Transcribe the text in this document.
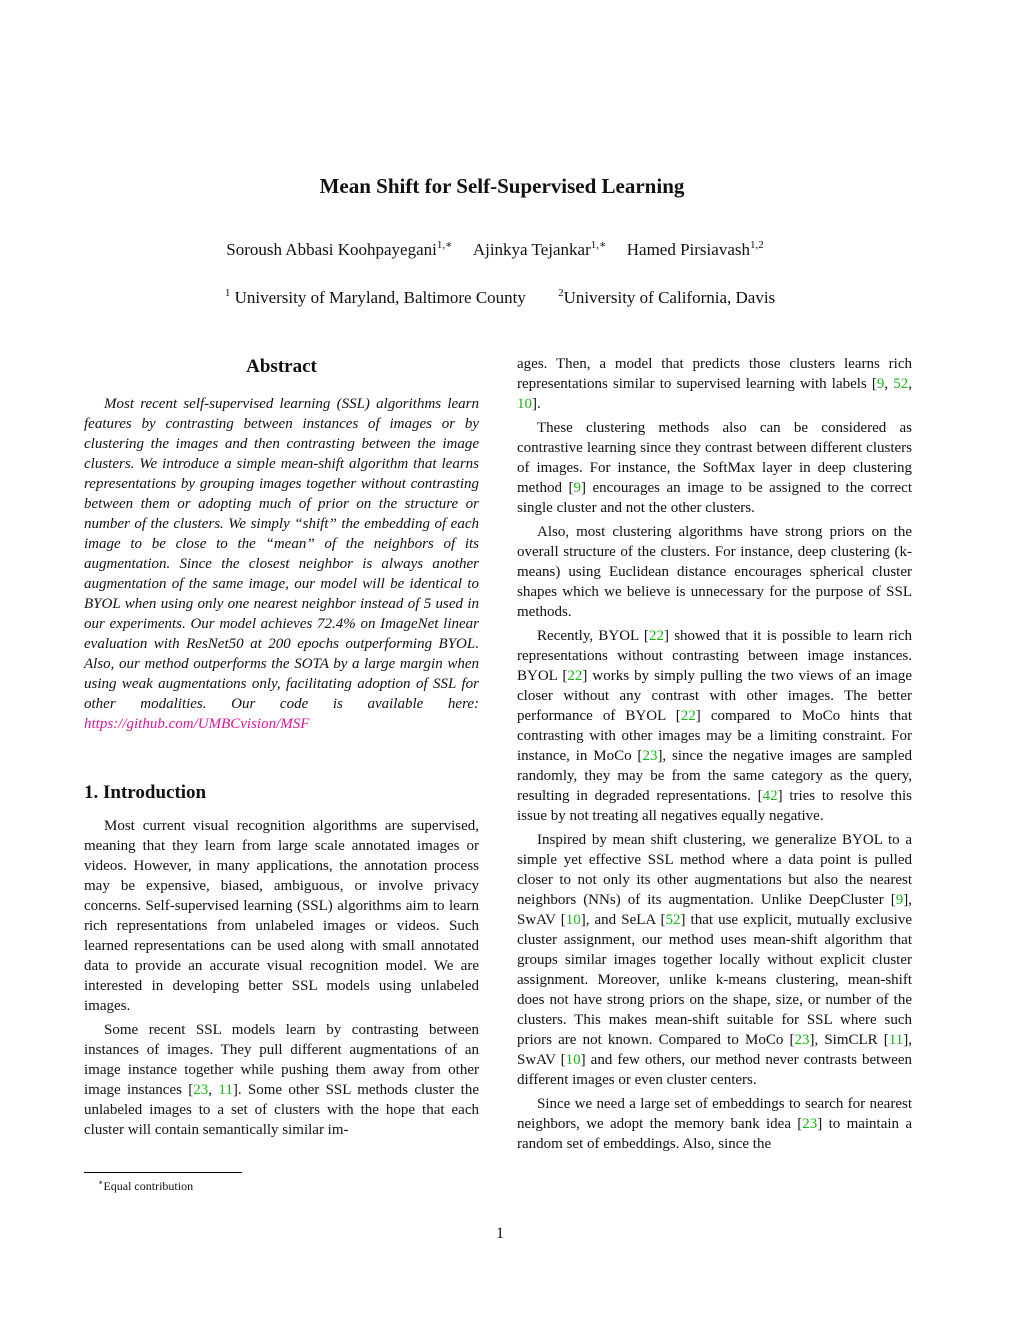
Mean Shift for Self-Supervised Learning
Soroush Abbasi Koohpayegani$^{1,∗}$ Ajinkya Tejankar$^{1,∗}$ Hamed Pirsiavash$^{1,2}$
$^1$ University of Maryland, Baltimore County	$^2$University of California, Davis
Abstract

Most recent self-supervised learning (SSL) algorithms learn features by contrasting between instances of images or by clustering the images and then contrasting between the image clusters. We introduce a simple mean-shift algorithm that learns representations by grouping images together without contrasting between them or adopting much of prior on the structure or number of the clusters. We simply “shift” the embedding of each image to be close to the “mean” of the neighbors of its augmentation. Since the closest neighbor is always another augmentation of the same image, our model will be identical to BYOL when using only one nearest neighbor instead of 5 used in our experiments. Our model achieves 72.4% on ImageNet linear evaluation with ResNet50 at 200 epochs outperforming BYOL. Also, our method outperforms the SOTA by a large margin when using weak augmentations only, facilitating adoption of SSL for other modalities. Our code is available here: https://github.com/UMBCvision/MSF

1. Introduction

Most current visual recognition algorithms are supervised, meaning that they learn from large scale annotated images or videos. However, in many applications, the annotation process may be expensive, biased, ambiguous, or involve privacy concerns. Self-supervised learning (SSL) algorithms aim to learn rich representations from unlabeled images or videos. Such learned representations can be used along with small annotated data to provide an accurate visual recognition model. We are interested in developing better SSL models using unlabeled images.

Some recent SSL models learn by contrasting between instances of images. They pull different augmentations of an image instance together while pushing them away from other image instances [23, 11]. Some other SSL methods cluster the unlabeled images to a set of clusters with the hope that each cluster will contain semantically similar im-

ages. Then, a model that predicts those clusters learns rich representations similar to supervised learning with labels [9, 52, 10].

These clustering methods also can be considered as contrastive learning since they contrast between different clusters of images. For instance, the SoftMax layer in deep clustering method [9] encourages an image to be assigned to the correct single cluster and not the other clusters.

Also, most clustering algorithms have strong priors on the overall structure of the clusters. For instance, deep clustering (k-means) using Euclidean distance encourages spherical cluster shapes which we believe is unnecessary for the purpose of SSL methods.

Recently, BYOL [22] showed that it is possible to learn rich representations without contrasting between image instances. BYOL [22] works by simply pulling the two views of an image closer without any contrast with other images. The better performance of BYOL [22] compared to MoCo hints that contrasting with other images may be a limiting constraint. For instance, in MoCo [23], since the negative images are sampled randomly, they may be from the same category as the query, resulting in degraded representations. [42] tries to resolve this issue by not treating all negatives equally negative.

Inspired by mean shift clustering, we generalize BYOL to a simple yet effective SSL method where a data point is pulled closer to not only its other augmentations but also the nearest neighbors (NNs) of its augmentation. Unlike DeepCluster [9], SwAV [10], and SeLA [52] that use explicit, mutually exclusive cluster assignment, our method uses mean-shift algorithm that groups similar images together locally without explicit cluster assignment. Moreover, unlike k-means clustering, mean-shift does not have strong priors on the shape, size, or number of the clusters. This makes mean-shift suitable for SSL where such priors are not known. Compared to MoCo [23], SimCLR [11], SwAV [10] and few others, our method never contrasts between different images or even cluster centers.

Since we need a large set of embeddings to search for nearest neighbors, we adopt the memory bank idea [23] to maintain a random set of embeddings. Also, since the

∗Equal contribution
1
